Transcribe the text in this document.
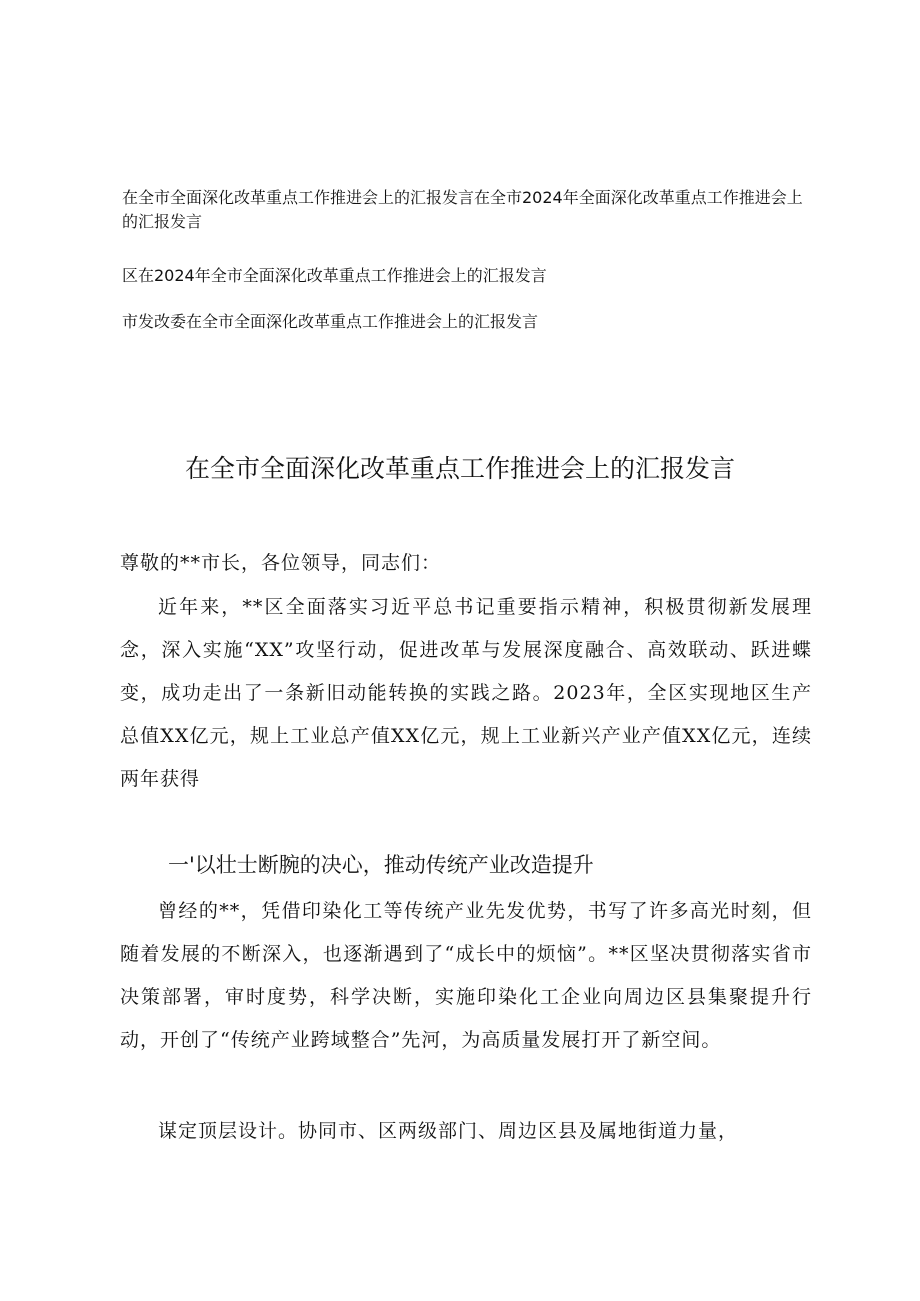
在全市全面深化改革重点工作推进会上的汇报发言在全市2024年全面深化改革重点工作推进会上的汇报发言
区在2024年全市全面深化改革重点工作推进会上的汇报发言
市发改委在全市全面深化改革重点工作推进会上的汇报发言
在全市全面深化改革重点工作推进会上的汇报发言
尊敬的**市长，各位领导，同志们：

近年来，**区全面落实习近平总书记重要指示精神，积极贯彻新发展理念，深入实施“XX”攻坚行动，促进改革与发展深度融合、高效联动、跃进蝶变，成功走出了一条新旧动能转换的实践之路。2023年，全区实现地区生产总值XX亿元，规上工业总产值XX亿元，规上工业新兴产业产值XX亿元，连续两年获得

一'以壮士断腕的决心，推动传统产业改造提升

曾经的**，凭借印染化工等传统产业先发优势，书写了许多高光时刻，但随着发展的不断深入，也逐渐遇到了“成长中的烦恼”。**区坚决贯彻落实省市决策部署，审时度势，科学决断，实施印染化工企业向周边区县集聚提升行动，开创了“传统产业跨域整合”先河，为高质量发展打开了新空间。

谋定顶层设计。协同市、区两级部门、周边区县及属地街道力量，
